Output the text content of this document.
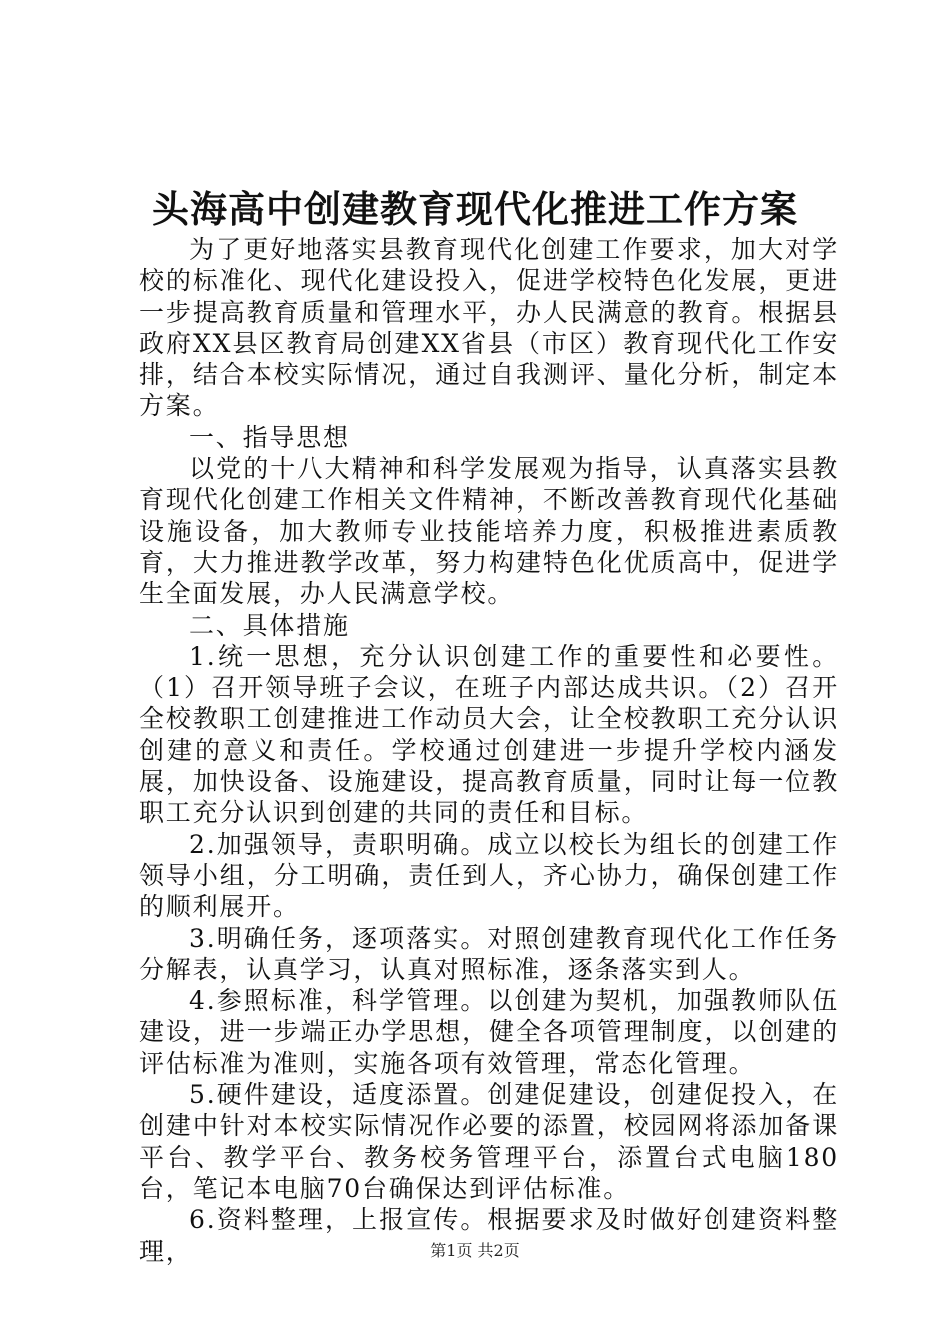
头海高中创建教育现代化推进工作方案

为了更好地落实县教育现代化创建工作要求，加大对学校的标准化、现代化建设投入，促进学校特色化发展，更进一步提高教育质量和管理水平，办人民满意的教育。根据县政府XX县区教育局创建XX省县（市区）教育现代化工作安排，结合本校实际情况，通过自我测评、量化分析，制定本方案。

一、指导思想

以党的十八大精神和科学发展观为指导，认真落实县教育现代化创建工作相关文件精神，不断改善教育现代化基础设施设备，加大教师专业技能培养力度，积极推进素质教育，大力推进教学改革，努力构建特色化优质高中，促进学生全面发展，办人民满意学校。

二、具体措施

1.统一思想，充分认识创建工作的重要性和必要性。（1）召开领导班子会议，在班子内部达成共识。（2）召开全校教职工创建推进工作动员大会，让全校教职工充分认识创建的意义和责任。学校通过创建进一步提升学校内涵发展，加快设备、设施建设，提高教育质量，同时让每一位教职工充分认识到创建的共同的责任和目标。

2.加强领导，责职明确。成立以校长为组长的创建工作领导小组，分工明确，责任到人，齐心协力，确保创建工作的顺利展开。

3.明确任务，逐项落实。对照创建教育现代化工作任务分解表，认真学习，认真对照标准，逐条落实到人。

4.参照标准，科学管理。以创建为契机，加强教师队伍建设，进一步端正办学思想，健全各项管理制度，以创建的评估标准为准则，实施各项有效管理，常态化管理。

5.硬件建设，适度添置。创建促建设，创建促投入，在创建中针对本校实际情况作必要的添置，校园网将添加备课平台、教学平台、教务校务管理平台，添置台式电脑180台，笔记本电脑70台确保达到评估标准。

6.资料整理，上报宣传。根据要求及时做好创建资料整理，	第1页 共2页
